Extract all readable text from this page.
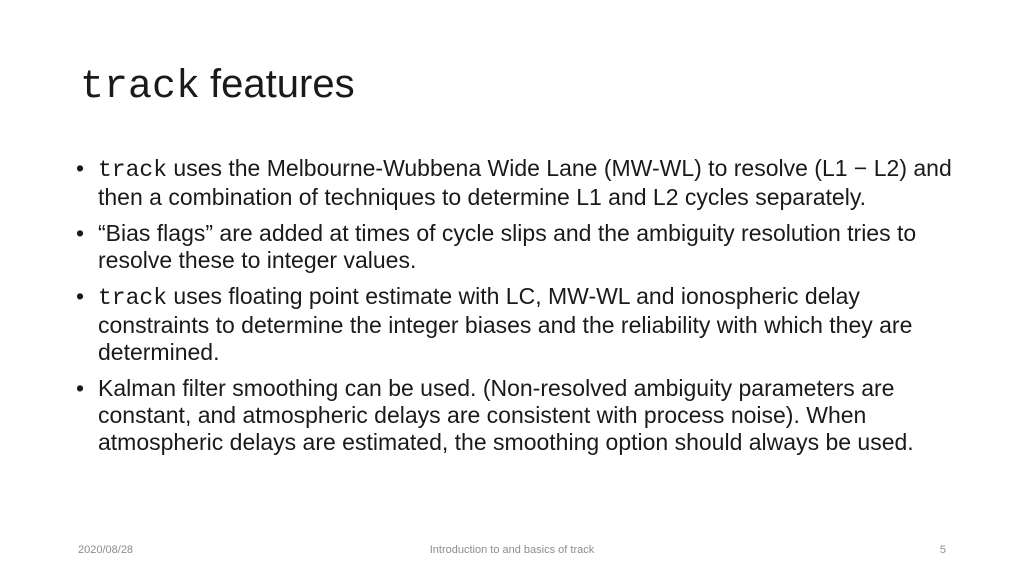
track features
• track uses the Melbourne-Wubbena Wide Lane (MW-WL) to resolve (L1 − L2) and then a combination of techniques to determine L1 and L2 cycles separately.
• “Bias flags” are added at times of cycle slips and the ambiguity resolution tries to resolve these to integer values.
• track uses floating point estimate with LC, MW-WL and ionospheric delay constraints to determine the integer biases and the reliability with which they are determined.
• Kalman filter smoothing can be used. (Non-resolved ambiguity parameters are constant, and atmospheric delays are consistent with process noise). When atmospheric delays are estimated, the smoothing option should always be used.
2020/08/28	Introduction to and basics of track	5
